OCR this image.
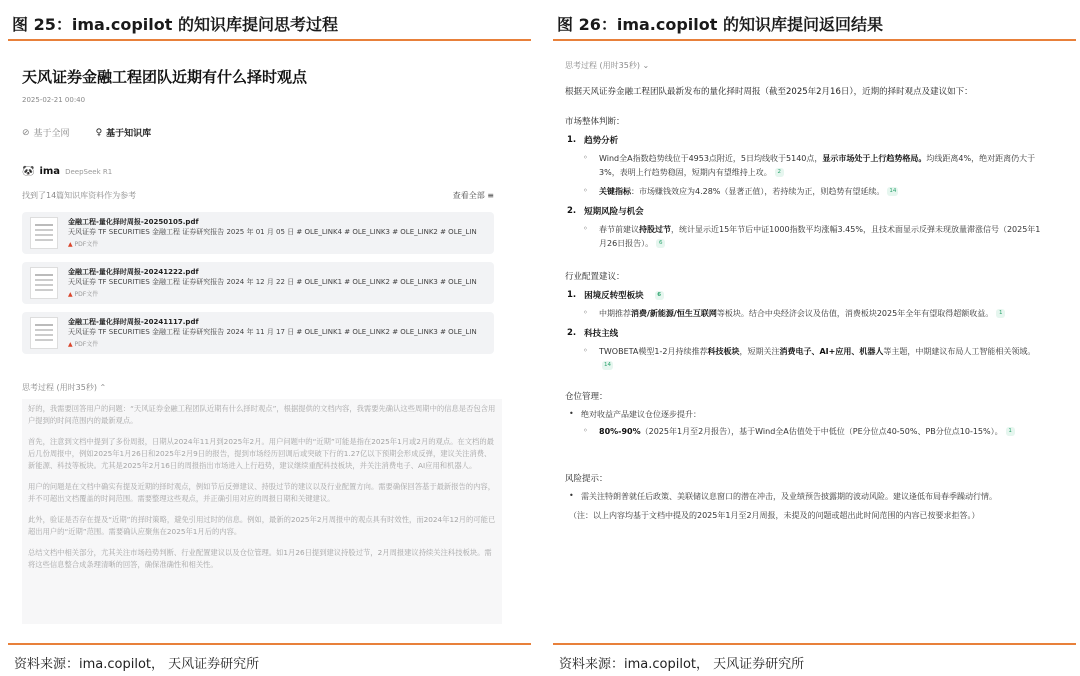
图 25：ima.copilot 的知识库提问思考过程
天风证券金融工程团队近期有什么择时观点
2025-02-21 00:40
⊘ 基于全网	♀ 基于知识库
🐼 ima DeepSeek R1
找到了14篇知识库资料作为参考	查看全部 ≡
金融工程-量化择时周报-20250105.pdf
天风证券 TF SECURITIES 金融工程 证券研究报告 2025 年 01 月 05 日 # OLE_LINK4 # OLE_LINK3 # OLE_LINK2 # OLE_LIN
▲ PDF文件
金融工程-量化择时周报-20241222.pdf
天风证券 TF SECURITIES 金融工程 证券研究报告 2024 年 12 月 22 日 # OLE_LINK1 # OLE_LINK2 # OLE_LINK3 # OLE_LIN
▲ PDF文件
金融工程-量化择时周报-20241117.pdf
天风证券 TF SECURITIES 金融工程 证券研究报告 2024 年 11 月 17 日 # OLE_LINK1 # OLE_LINK2 # OLE_LINK3 # OLE_LIN
▲ PDF文件
思考过程 (用时35秒) ⌃

好的，我需要回答用户的问题：“天风证券金融工程团队近期有什么择时观点”，根据提供的文档内容，我需要先确认这些周期中的信息是否包含用户提到的时间范围内的最新观点。

首先，注意到文档中提到了多份周报，日期从2024年11月到2025年2月。用户问题中的“近期”可能是指在2025年1月或2月的观点。在文档的最后几份周报中，例如2025年1月26日和2025年2月9日的报告，提到市场经历回调后或突破下行的1.27亿以下预期会形成反弹，建议关注消费、新能源、科技等板块。尤其是2025年2月16日的周报指出市场进入上行趋势，建议继续重配科技板块，并关注消费电子、AI应用和机器人。

用户的问题是在文档中确实有提及近期的择时观点，例如节后反弹建议、持股过节的建议以及行业配置方向。需要确保回答基于最新报告的内容，并不可超出文档覆盖的时间范围。需要整理这些观点，并正确引用对应的周报日期和关键建议。

此外，验证是否存在提及“近期”的择时策略，避免引用过时的信息。例如，最新的2025年2月周报中的观点具有时效性，而2024年12月的可能已超出用户的“近期”范围。需要确认应聚焦在2025年1月后的内容。

总结文档中相关部分，尤其关注市场趋势判断、行业配置建议以及仓位管理。如1月26日提到建议持股过节，2月周报建议持续关注科技板块。需将这些信息整合成条理清晰的回答，确保准确性和相关性。

资料来源：ima.copilot， 天风证券研究所
图 26：ima.copilot 的知识库提问返回结果
思考过程 (用时35秒) ⌄
根据天风证券金融工程团队最新发布的量化择时周报（截至2025年2月16日），近期的择时观点及建议如下：
市场整体判断：
1. 趋势分析
◦ Wind全A指数趋势线位于4953点附近，5日均线收于5140点，显示市场处于上行趋势格局。均线距离4%，绝对距离仍大于3%，表明上行趋势稳固，短期内有望维持上攻。 2
◦ 关键指标：市场赚钱效应为4.28%（显著正值），若持续为正，则趋势有望延续。 14
2. 短期风险与机会
◦ 春节前建议持股过节，统计显示近15年节后中证1000指数平均涨幅3.45%，且技术面显示反弹未现放量滞涨信号（2025年1月26日报告）。 6
行业配置建议：
1. 困境反转型板块	6
◦ 中期推荐消费/新能源/恒生互联网等板块。结合中央经济会议及估值，消费板块2025年全年有望取得超额收益。 1
2. 科技主线
◦ TWOBETA模型1-2月持续推荐科技板块，短期关注消费电子、AI+应用、机器人等主题，中期建议布局人工智能相关领域。14
仓位管理：
• 绝对收益产品建议仓位逐步提升：
◦ 80%-90%（2025年1月至2月报告），基于Wind全A估值处于中低位（PE分位点40-50%、PB分位点10-15%）。 1
风险提示：
• 需关注特朗普就任后政策、美联储议息窗口的潜在冲击，及业绩预告披露期的波动风险。建议逢低布局春季躁动行情。
（注：以上内容均基于文档中提及的2025年1月至2月周报，未提及的问题或超出此时间范围的内容已按要求拒答。）
资料来源：ima.copilot， 天风证券研究所
